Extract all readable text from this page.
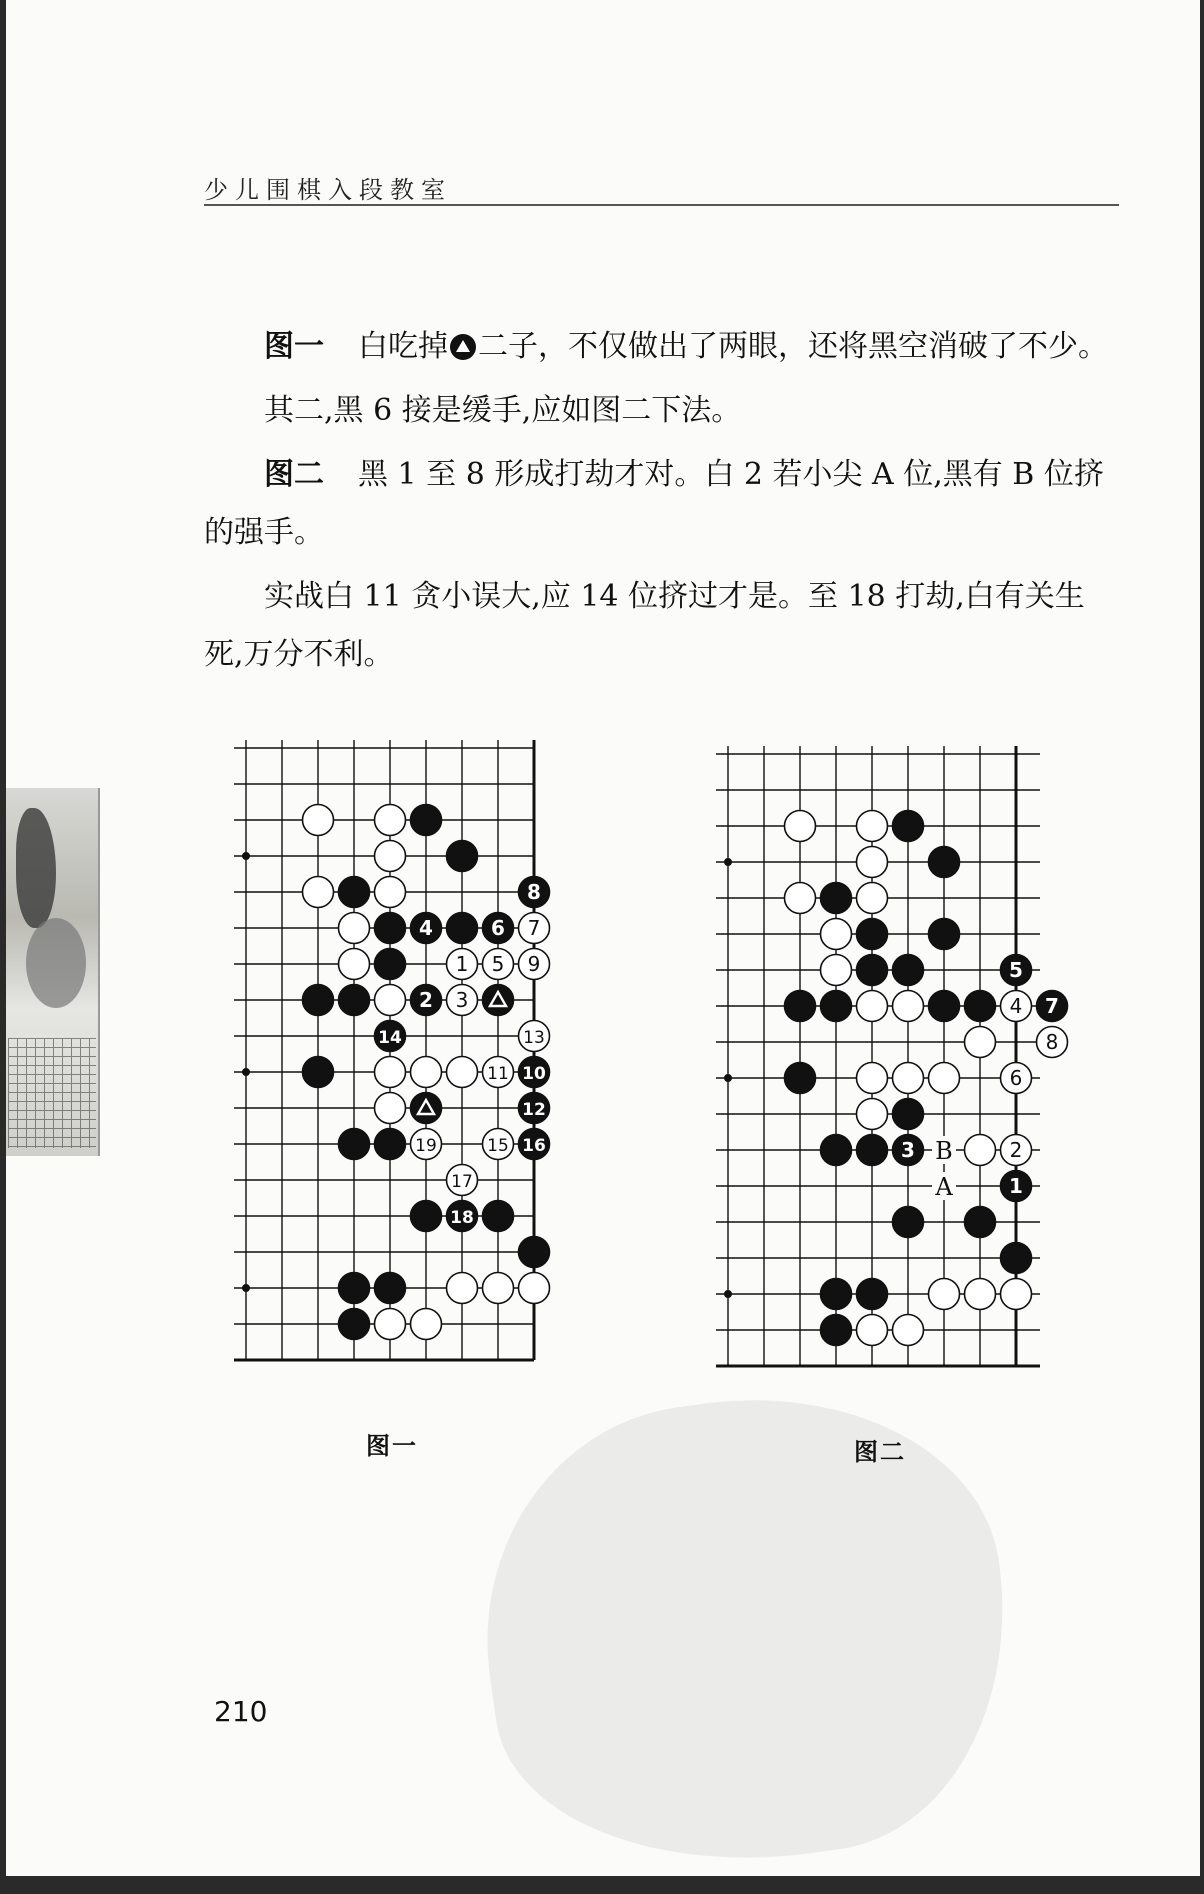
少儿围棋入段教室

图一 白吃掉 二子，不仅做出了两眼，还将黑空消破了不少。

其二,黑 6 接是缓手,应如图二下法。

图二 黑 1 至 8 形成打劫才对。白 2 若小尖 A 位,黑有 B 位挤的强手。

实战白 11 贪小误大,应 14 位挤过才是。至 18 打劫,白有关生死,万分不利。

8
4	6 7
1 5 9
2 3
14	13
11 10
12
19	15 16
17
18
图一
5
4 7
8
6
3	2
1
B
A
图二
210
